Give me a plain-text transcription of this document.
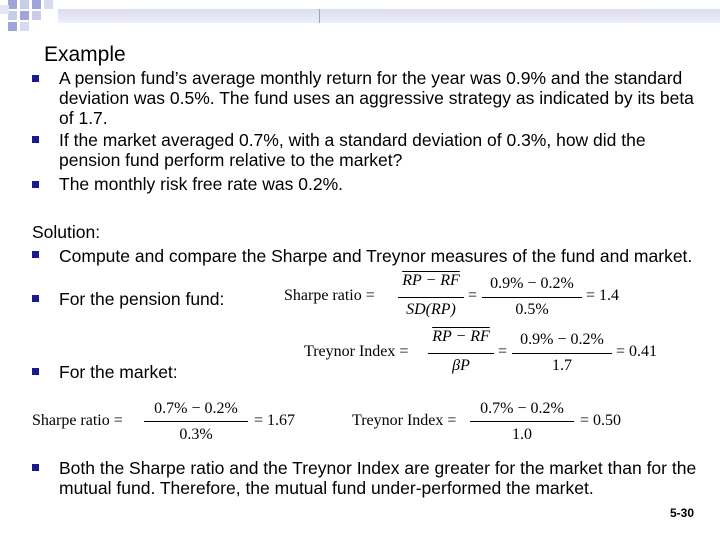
Example
A pension fund’s average monthly return for the year was 0.9% and the standard deviation was 0.5%. The fund uses an aggressive strategy as indicated by its beta of 1.7.
If the market averaged 0.7%, with a standard deviation of 0.3%, how did the pension fund perform relative to the market?
The monthly risk free rate was 0.2%.
Solution:
Compute and compare the Sharpe and Treynor measures of the fund and market.
For the pension fund:
For the market:
Both the Sharpe ratio and the Treynor Index are greater for the market than for the mutual fund. Therefore, the mutual fund under-performed the market.
Sharpe ratio =
RP − RF
SD(RP)
=
0.9% − 0.2%
0.5%
= 1.4
Treynor Index =
RP − RF
βP
=
0.9% − 0.2%
1.7
= 0.41
Sharpe ratio =
0.7% − 0.2%
0.3%
= 1.67	Treynor Index =
0.7% − 0.2%
1.0
= 0.50
5-30
